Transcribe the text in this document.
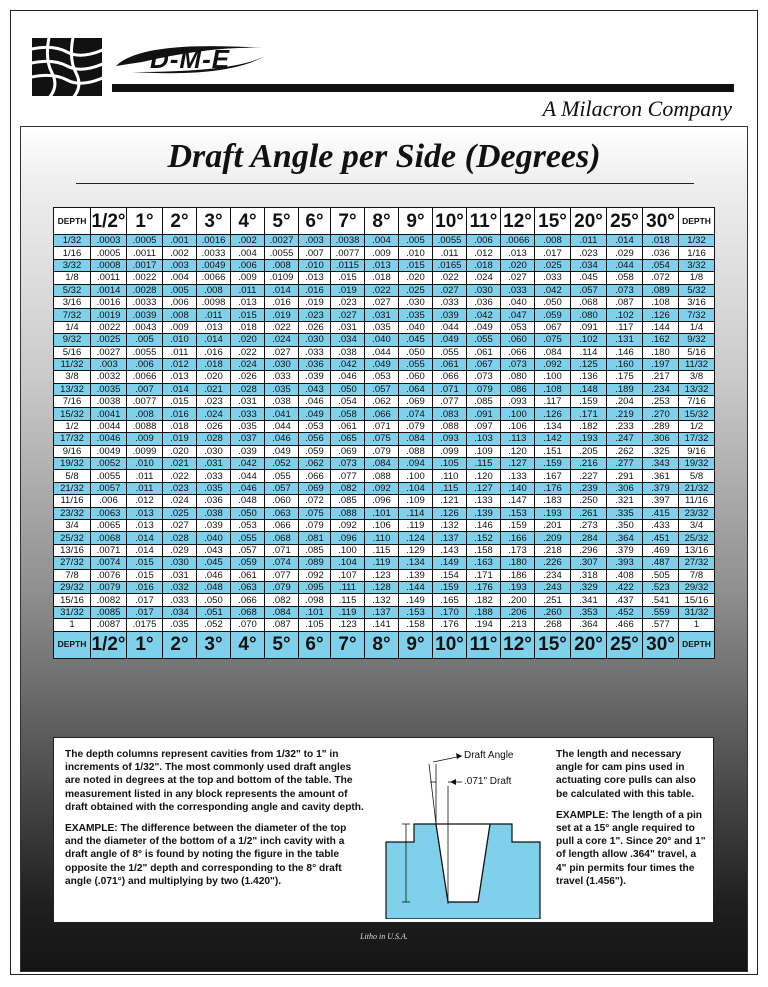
D-M-E
A Milacron Company
Draft Angle per Side (Degrees)
DEPTH	1/2°	1°	2°	3°	4°	5°	6°	7°	8°	9°	10°	11°	12°	15°	20°	25°	30°	DEPTH
1/32	.0003	.0005	.001	.0016	.002	.0027	.003	.0038	.004	.005	.0055	.006	.0066	.008	.011	.014	.018	1/32
1/16	.0005	.0011	.002	.0033	.004	.0055	.007	.0077	.009	.010	.011	.012	.013	.017	.023	.029	.036	1/16
3/32	.0008	.0017	.003	.0049	.006	.008	.010	.0115	.013	.015	.0165	.018	.020	.025	.034	.044	.054	3/32
1/8	.0011	.0022	.004	.0066	.009	.0109	.013	.015	.018	.020	.022	.024	.027	.033	.045	.058	.072	1/8
5/32	.0014	.0028	.005	.008	.011	.014	.016	.019	.022	.025	.027	.030	.033	.042	.057	.073	.089	5/32
3/16	.0016	.0033	.006	.0098	.013	.016	.019	.023	.027	.030	.033	.036	.040	.050	.068	.087	.108	3/16
7/32	.0019	.0039	.008	.011	.015	.019	.023	.027	.031	.035	.039	.042	.047	.059	.080	.102	.126	7/32
1/4	.0022	.0043	.009	.013	.018	.022	.026	.031	.035	.040	.044	.049	.053	.067	.091	.117	.144	1/4
9/32	.0025	.005	.010	.014	.020	.024	.030	.034	.040	.045	.049	.055	.060	.075	.102	.131	.162	9/32
5/16	.0027	.0055	.011	.016	.022	.027	.033	.038	.044	.050	.055	.061	.066	.084	.114	.146	.180	5/16
11/32	.003	.006	.012	.018	.024	.030	.036	.042	.049	.055	.061	.067	.073	.092	.125	.160	.197	11/32
3/8	.0032	.0066	.013	.020	.026	.033	.039	.046	.053	.060	.066	.073	.080	.100	.136	.175	.217	3/8
13/32	.0035	.007	.014	.021	.028	.035	.043	.050	.057	.064	.071	.079	.086	.108	.148	.189	.234	13/32
7/16	.0038	.0077	.015	.023	.031	.038	.046	.054	.062	.069	.077	.085	.093	.117	.159	.204	.253	7/16
15/32	.0041	.008	.016	.024	.033	.041	.049	.058	.066	.074	.083	.091	.100	.126	.171	.219	.270	15/32
1/2	.0044	.0088	.018	.026	.035	.044	.053	.061	.071	.079	.088	.097	.106	.134	.182	.233	.289	1/2
17/32	.0046	.009	.019	.028	.037	.046	.056	.065	.075	.084	.093	.103	.113	.142	.193	.247	.306	17/32
9/16	.0049	.0099	.020	.030	.039	.049	.059	.069	.079	.088	.099	.109	.120	.151	.205	.262	.325	9/16
19/32	.0052	.010	.021	.031	.042	.052	.062	.073	.084	.094	.105	.115	.127	.159	.216	.277	.343	19/32
5/8	.0055	.011	.022	.033	.044	.055	.066	.077	.088	.100	.110	.120	.133	.167	.227	.291	.361	5/8
21/32	.0057	.011	.023	.035	.046	.057	.069	.082	.092	.104	.115	.127	.140	.176	.239	.306	.379	21/32
11/16	.006	.012	.024	.036	.048	.060	.072	.085	.096	.109	.121	.133	.147	.183	.250	.321	.397	11/16
23/32	.0063	.013	.025	.038	.050	.063	.075	.088	.101	.114	.126	.139	.153	.193	.261	.335	.415	23/32
3/4	.0065	.013	.027	.039	.053	.066	.079	.092	.106	.119	.132	.146	.159	.201	.273	.350	.433	3/4
25/32	.0068	.014	.028	.040	.055	.068	.081	.096	.110	.124	.137	.152	.166	.209	.284	.364	.451	25/32
13/16	.0071	.014	.029	.043	.057	.071	.085	.100	.115	.129	.143	.158	.173	.218	.296	.379	.469	13/16
27/32	.0074	.015	.030	.045	.059	.074	.089	.104	.119	.134	.149	.163	.180	.226	.307	.393	.487	27/32
7/8	.0076	.015	.031	.046	.061	.077	.092	.107	.123	.139	.154	.171	.186	.234	.318	.408	.505	7/8
29/32	.0079	.016	.032	.048	.063	.079	.095	.111	.128	.144	.159	.176	.193	.243	.329	.422	.523	29/32
15/16	.0082	.017	.033	.050	.066	.082	.098	.115	.132	.149	.165	.182	.200	.251	.341	.437	.541	15/16
31/32	.0085	.017	.034	.051	.068	.084	.101	.119	.137	.153	.170	.188	.206	.260	.353	.452	.559	31/32
1	.0087	.0175	.035	.052	.070	.087	.105	.123	.141	.158	.176	.194	.213	.268	.364	.466	.577	1
DEPTH	1/2°	1°	2°	3°	4°	5°	6°	7°	8°	9°	10°	11°	12°	15°	20°	25°	30°	DEPTH

The depth columns represent cavities from 1/32" to 1" in increments of 1/32". The most commonly used draft angles are noted in degrees at the top and bottom of the table. The measurement listed in any block represents the amount of draft obtained with the corresponding angle and cavity depth.

EXAMPLE: The difference between the diameter of the top and the diameter of the bottom of a 1/2" inch cavity with a draft angle of 8° is found by noting the figure in the table opposite the 1/2" depth and corresponding to the 8° draft angle (.071°) and multiplying by two (1.420").

Draft Angle
.071" Draft

The length and necessary angle for cam pins used in actuating core pulls can also be calculated with this table.

EXAMPLE: The length of a pin set at a 15° angle required to pull a core 1". Since 20° and 1" of length allow .364" travel, a 4" pin permits four times the travel (1.456").

Litho in U.S.A.
